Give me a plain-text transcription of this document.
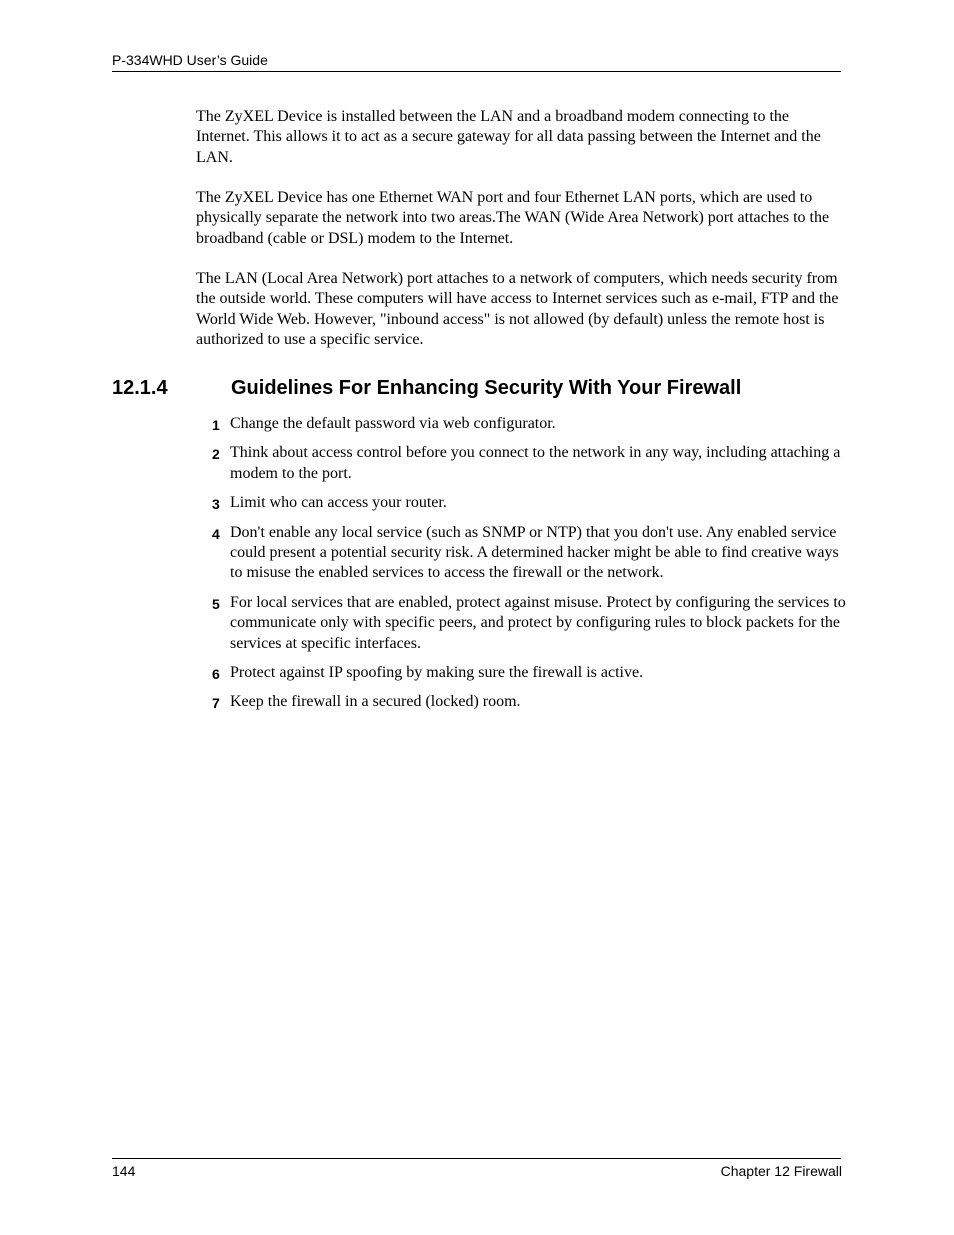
P-334WHD User’s Guide
The ZyXEL Device is installed between the LAN and a broadband modem connecting to the Internet. This allows it to act as a secure gateway for all data passing between the Internet and the LAN.
The ZyXEL Device has one Ethernet WAN port and four Ethernet LAN ports, which are used to physically separate the network into two areas.The WAN (Wide Area Network) port attaches to the broadband (cable or DSL) modem to the Internet.
The LAN (Local Area Network) port attaches to a network of computers, which needs security from the outside world. These computers will have access to Internet services such as e-mail, FTP and the World Wide Web. However, "inbound access" is not allowed (by default) unless the remote host is authorized to use a specific service.
12.1.4	Guidelines For Enhancing Security With Your Firewall
1 Change the default password via web configurator.
2 Think about access control before you connect to the network in any way, including attaching a modem to the port.
3 Limit who can access your router.
4 Don't enable any local service (such as SNMP or NTP) that you don't use. Any enabled service could present a potential security risk. A determined hacker might be able to find creative ways to misuse the enabled services to access the firewall or the network.
5 For local services that are enabled, protect against misuse. Protect by configuring the services to communicate only with specific peers, and protect by configuring rules to block packets for the services at specific interfaces.
6 Protect against IP spoofing by making sure the firewall is active.
7 Keep the firewall in a secured (locked) room.
144	Chapter 12 Firewall
